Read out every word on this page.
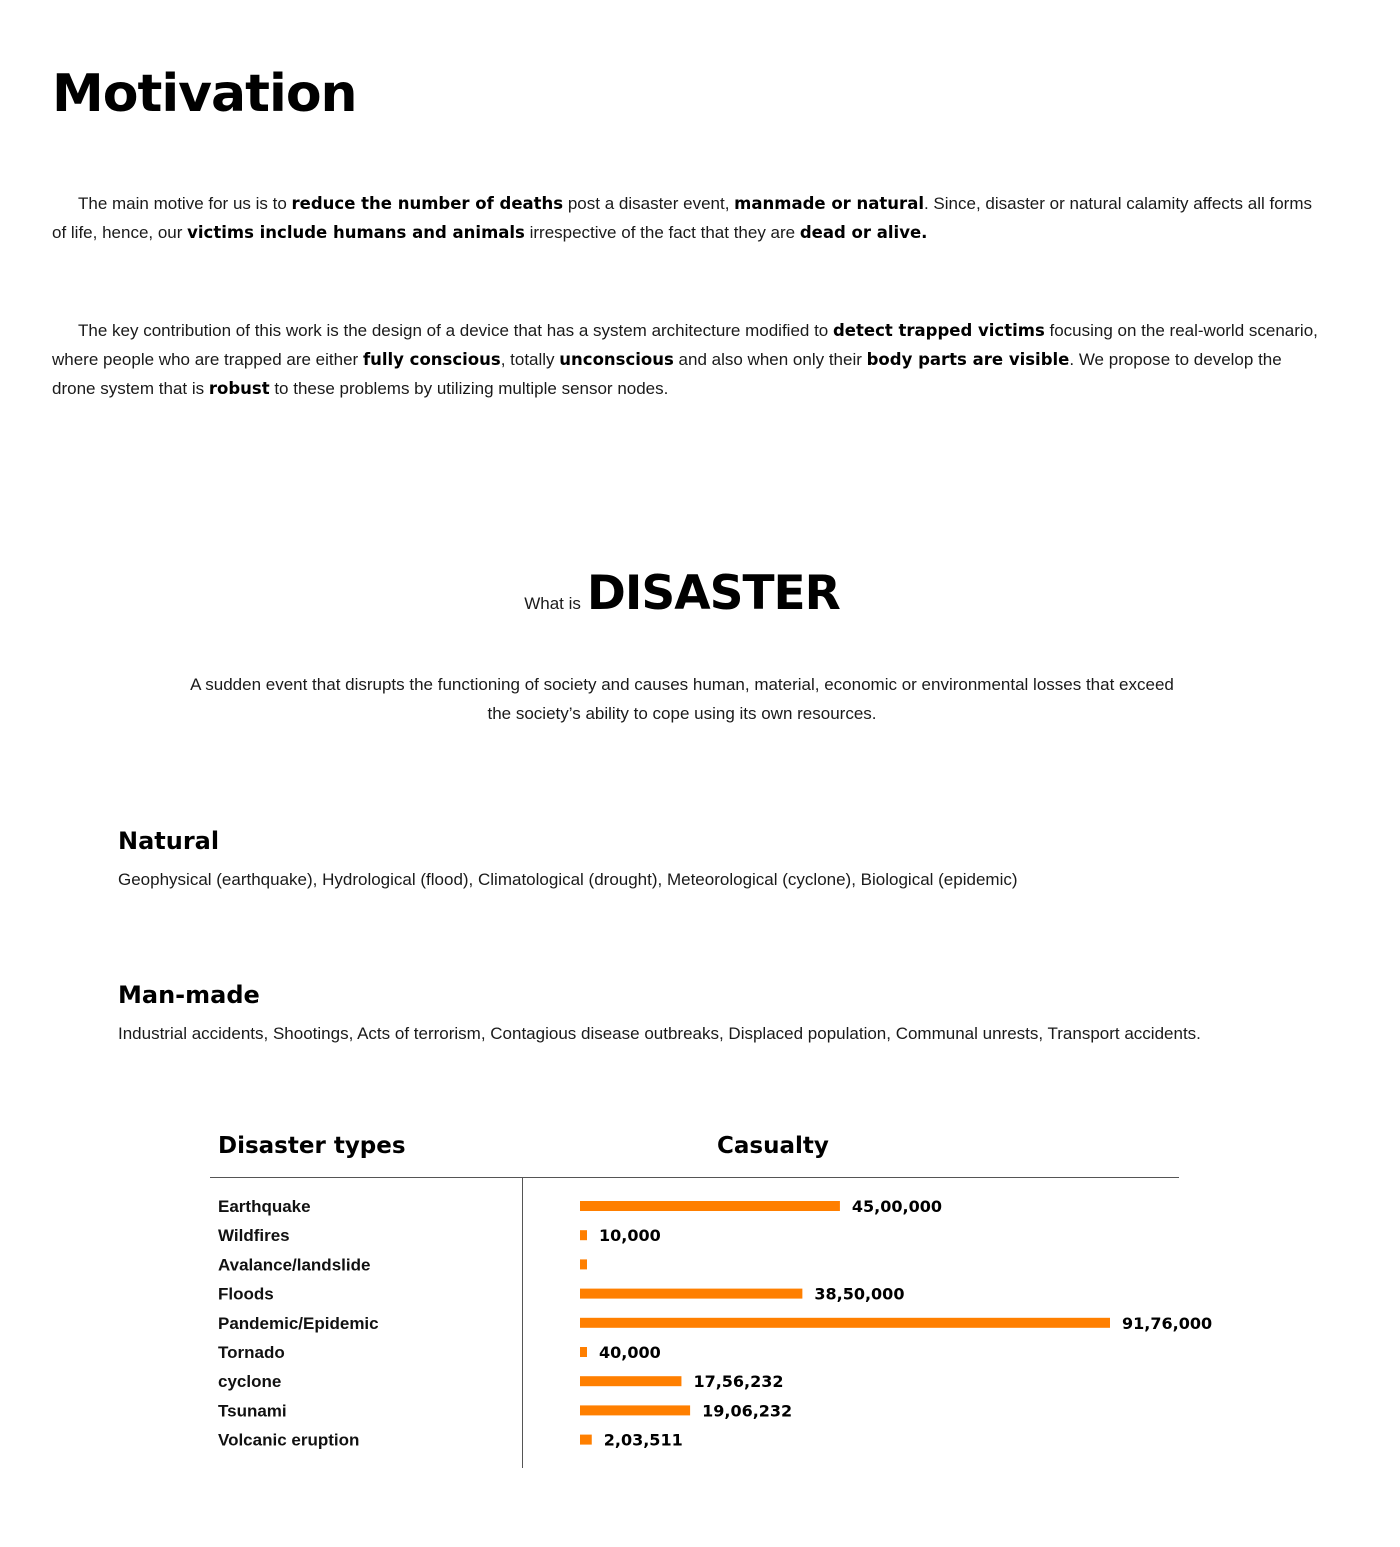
Motivation

The main motive for us is to reduce the number of deaths post a disaster event, manmade or natural. Since, disaster or natural calamity affects all forms of life, hence, our victims include humans and animals irrespective of the fact that they are dead or alive.

The key contribution of this work is the design of a device that has a system architecture modified to detect trapped victims focusing on the real-world scenario, where people who are trapped are either fully conscious, totally unconscious and also when only their body parts are visible. We propose to develop the drone system that is robust to these problems by utilizing multiple sensor nodes.

What is DISASTER

A sudden event that disrupts the functioning of society and causes human, material, economic or environmental losses that exceed the society’s ability to cope using its own resources.

Natural

Geophysical (earthquake), Hydrological (flood), Climatological (drought), Meteorological (cyclone), Biological (epidemic)

Man-made

Industrial accidents, Shootings, Acts of terrorism, Contagious disease outbreaks, Displaced population, Communal unrests, Transport accidents.

Disaster types	Casualty
Earthquake	45,00,000
Wildfires	10,000
Avalance/landslide
Floods	38,50,000
Pandemic/Epidemic	91,76,000
Tornado	40,000
cyclone	17,56,232
Tsunami	19,06,232
Volcanic eruption	2,03,511
